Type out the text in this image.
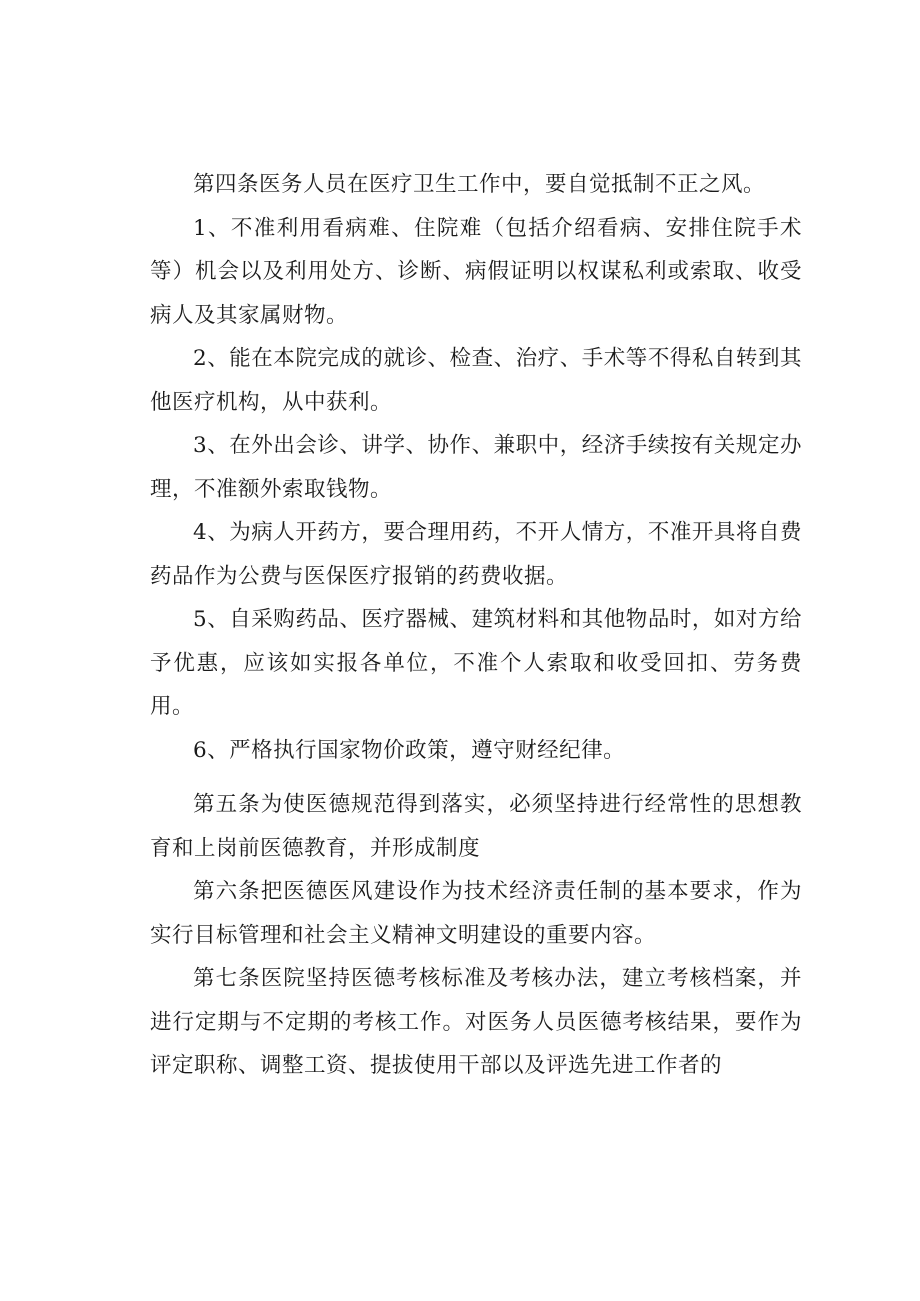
第四条医务人员在医疗卫生工作中，要自觉抵制不正之风。

1、不准利用看病难、住院难（包括介绍看病、安排住院手术等）机会以及利用处方、诊断、病假证明以权谋私利或索取、收受病人及其家属财物。

2、能在本院完成的就诊、检查、治疗、手术等不得私自转到其他医疗机构，从中获利。

3、在外出会诊、讲学、协作、兼职中，经济手续按有关规定办理，不准额外索取钱物。

4、为病人开药方，要合理用药，不开人情方，不准开具将自费药品作为公费与医保医疗报销的药费收据。

5、自采购药品、医疗器械、建筑材料和其他物品时，如对方给予优惠，应该如实报各单位，不准个人索取和收受回扣、劳务费用。

6、严格执行国家物价政策，遵守财经纪律。

第五条为使医德规范得到落实，必须坚持进行经常性的思想教育和上岗前医德教育，并形成制度

第六条把医德医风建设作为技术经济责任制的基本要求，作为实行目标管理和社会主义精神文明建设的重要内容。

第七条医院坚持医德考核标准及考核办法，建立考核档案，并进行定期与不定期的考核工作。对医务人员医德考核结果，要作为评定职称、调整工资、提拔使用干部以及评选先进工作者的
